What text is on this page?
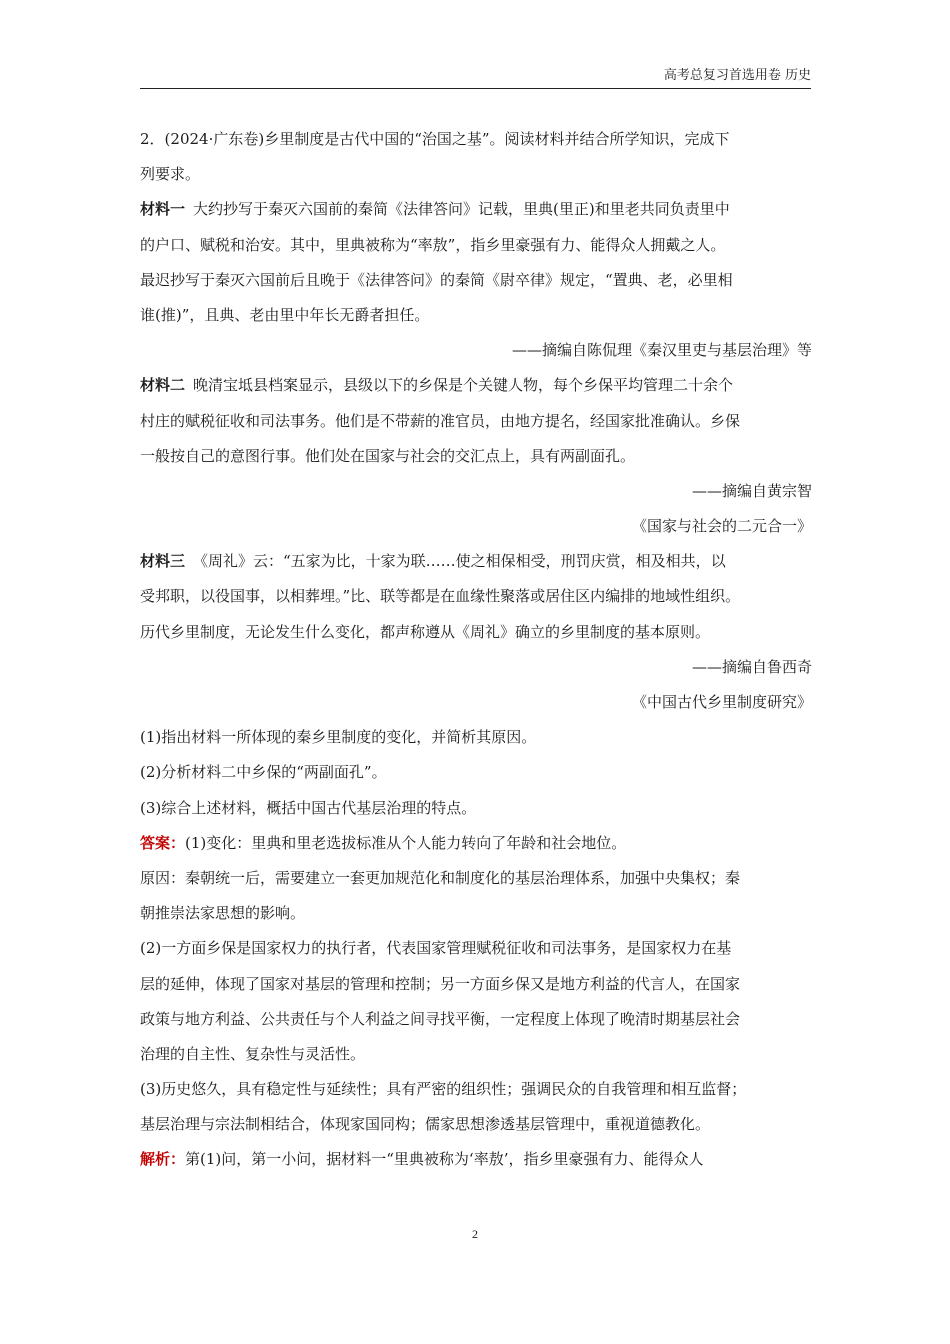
高考总复习首选用卷 历史
2．(2024·广东卷)乡里制度是古代中国的“治国之基”。阅读材料并结合所学知识，完成下
列要求。
材料一 大约抄写于秦灭六国前的秦简《法律答问》记载，里典(里正)和里老共同负责里中
的户口、赋税和治安。其中，里典被称为“率敖”，指乡里豪强有力、能得众人拥戴之人。
最迟抄写于秦灭六国前后且晚于《法律答问》的秦简《尉卒律》规定，“置典、老，必里相
谁(推)”，且典、老由里中年长无爵者担任。
——摘编自陈侃理《秦汉里吏与基层治理》等
材料二 晚清宝坻县档案显示，县级以下的乡保是个关键人物，每个乡保平均管理二十余个
村庄的赋税征收和司法事务。他们是不带薪的准官员，由地方提名，经国家批准确认。乡保
一般按自己的意图行事。他们处在国家与社会的交汇点上，具有两副面孔。
——摘编自黄宗智
《国家与社会的二元合一》
材料三 《周礼》云：“五家为比，十家为联……使之相保相受，刑罚庆赏，相及相共，以
受邦职，以役国事，以相葬埋。”比、联等都是在血缘性聚落或居住区内编排的地域性组织。
历代乡里制度，无论发生什么变化，都声称遵从《周礼》确立的乡里制度的基本原则。
——摘编自鲁西奇
《中国古代乡里制度研究》
(1)指出材料一所体现的秦乡里制度的变化，并简析其原因。
(2)分析材料二中乡保的“两副面孔”。
(3)综合上述材料，概括中国古代基层治理的特点。
答案：(1)变化：里典和里老选拔标准从个人能力转向了年龄和社会地位。
原因：秦朝统一后，需要建立一套更加规范化和制度化的基层治理体系，加强中央集权；秦
朝推崇法家思想的影响。
(2)一方面乡保是国家权力的执行者，代表国家管理赋税征收和司法事务，是国家权力在基
层的延伸，体现了国家对基层的管理和控制；另一方面乡保又是地方利益的代言人，在国家
政策与地方利益、公共责任与个人利益之间寻找平衡，一定程度上体现了晚清时期基层社会
治理的自主性、复杂性与灵活性。
(3)历史悠久，具有稳定性与延续性；具有严密的组织性；强调民众的自我管理和相互监督；
基层治理与宗法制相结合，体现家国同构；儒家思想渗透基层管理中，重视道德教化。
解析：第(1)问，第一小问，据材料一“里典被称为‘率敖’，指乡里豪强有力、能得众人
2
